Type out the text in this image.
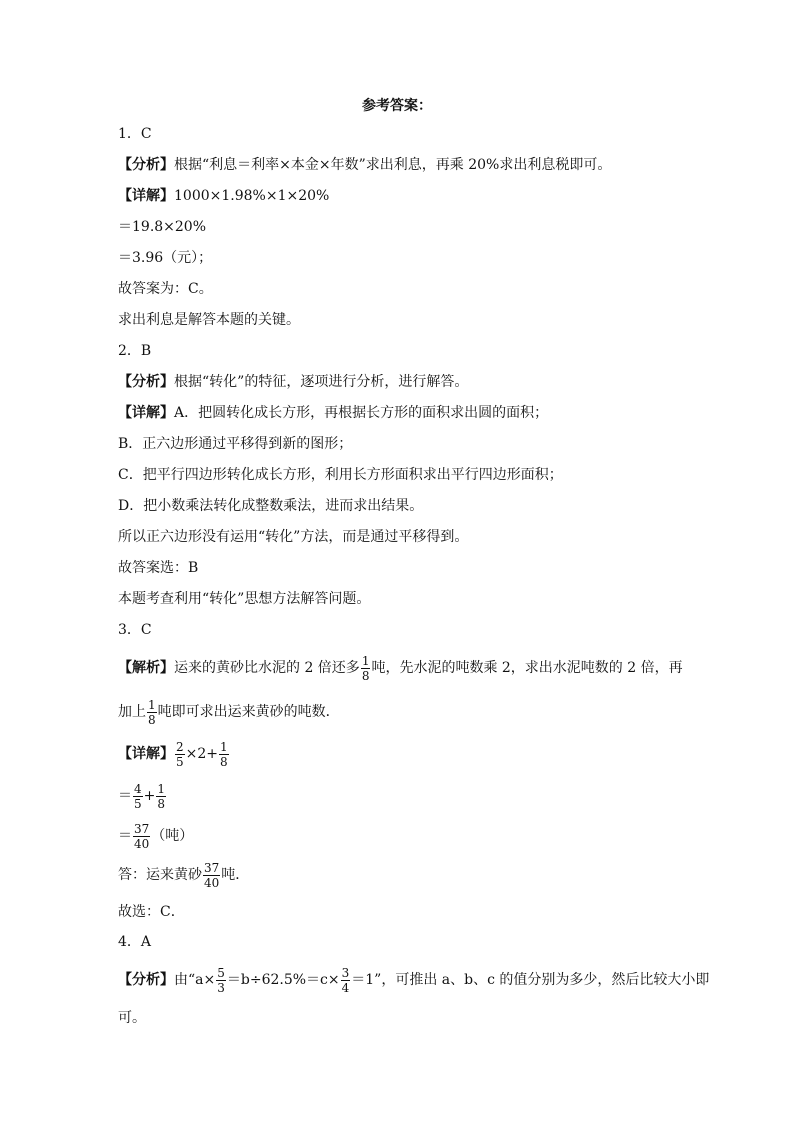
参考答案：
1．C
【分析】根据“利息＝利率×本金×年数”求出利息，再乘 20%求出利息税即可。
【详解】1000×1.98%×1×20%
＝19.8×20%
＝3.96（元）；
故答案为：C。
求出利息是解答本题的关键。
2．B
【分析】根据“转化”的特征，逐项进行分析，进行解答。
【详解】A．把圆转化成长方形，再根据长方形的面积求出圆的面积；
B．正六边形通过平移得到新的图形；
C．把平行四边形转化成长方形，利用长方形面积求出平行四边形面积；
D．把小数乘法转化成整数乘法，进而求出结果。
所以正六边形没有运用“转化”方法，而是通过平移得到。
故答案选：B
本题考查利用“转化”思想方法解答问题。
3．C
【解析】运来的黄砂比水泥的 2 倍还多 $\frac{1}{8}$ 吨，先水泥的吨数乘 2，求出水泥吨数的 2 倍，再
加上 $\frac{1}{8}$ 吨即可求出运来黄砂的吨数．
【详解】 $\frac{2}{5} \times 2+ \frac{1}{8}$
＝ $\frac{4}{5} + \frac{1}{8}$
＝ $\frac{37}{40}$ （吨）
答：运来黄砂 $\frac{37}{40}$ 吨．
故选：C．
4．A
【分析】由“$a\times \frac{5}{3} =b\div 62.5\%=c\times \frac{3}{4} =1$”，可推出 a、b、c 的值分别为多少，然后比较大小即
可。
